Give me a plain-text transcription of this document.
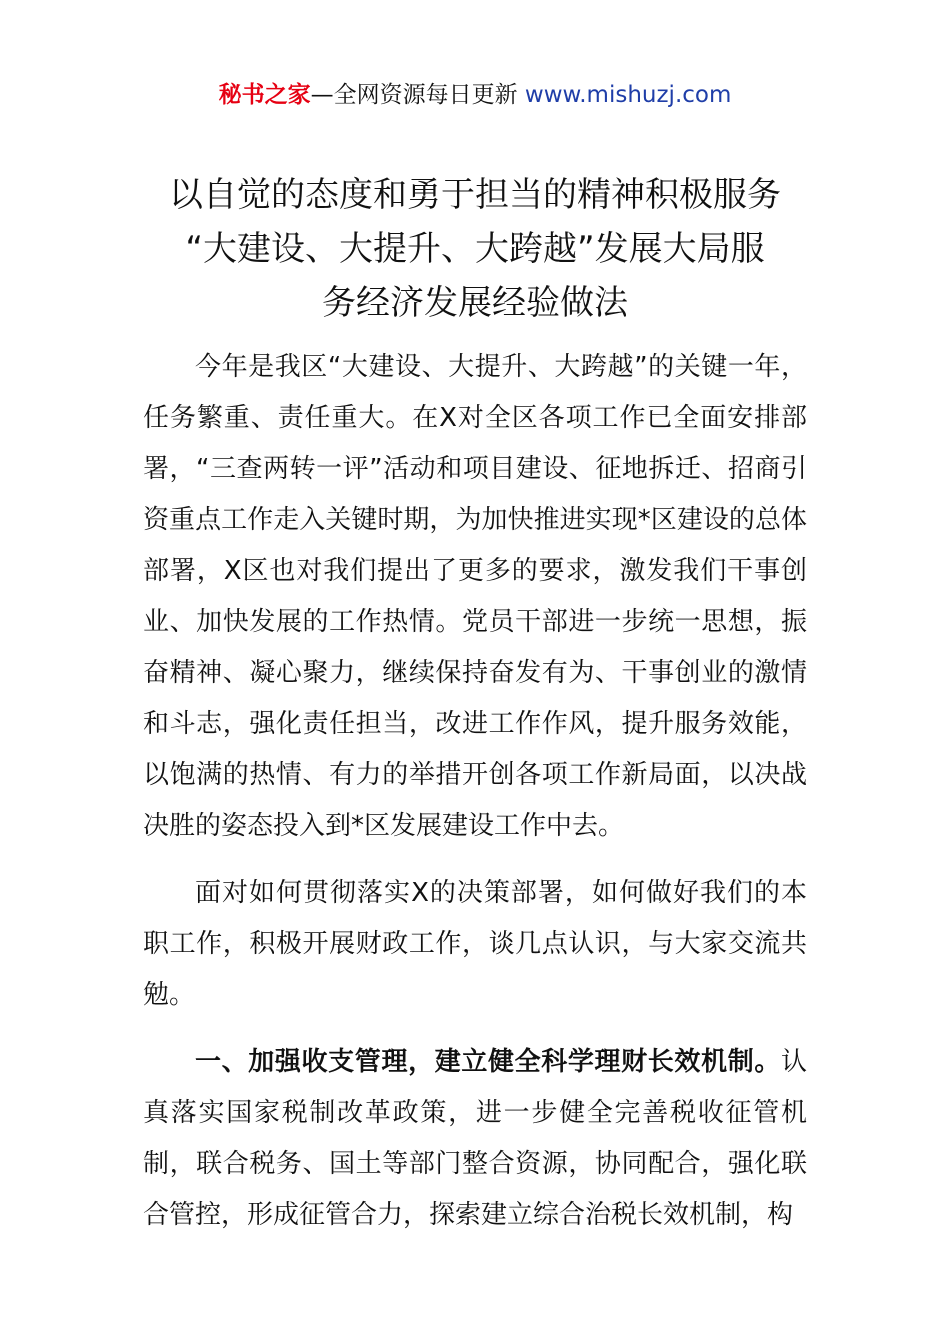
秘书之家—全网资源每日更新 www.mishuzj.com
以自觉的态度和勇于担当的精神积极服务
“大建设、大提升、大跨越”发展大局服
务经济发展经验做法

今年是我区“大建设、大提升、大跨越”的关键一年，任务繁重、责任重大。在X对全区各项工作已全面安排部署，“三查两转一评”活动和项目建设、征地拆迁、招商引资重点工作走入关键时期，为加快推进实现*区建设的总体部署，X区也对我们提出了更多的要求，激发我们干事创业、加快发展的工作热情。党员干部进一步统一思想，振奋精神、凝心聚力，继续保持奋发有为、干事创业的激情和斗志，强化责任担当，改进工作作风，提升服务效能，以饱满的热情、有力的举措开创各项工作新局面，以决战决胜的姿态投入到*区发展建设工作中去。

面对如何贯彻落实X的决策部署，如何做好我们的本职工作，积极开展财政工作，谈几点认识，与大家交流共勉。

一、加强收支管理，建立健全科学理财长效机制。认真落实国家税制改革政策，进一步健全完善税收征管机制，联合税务、国土等部门整合资源，协同配合，强化联合管控，形成征管合力，探索建立综合治税长效机制，构
